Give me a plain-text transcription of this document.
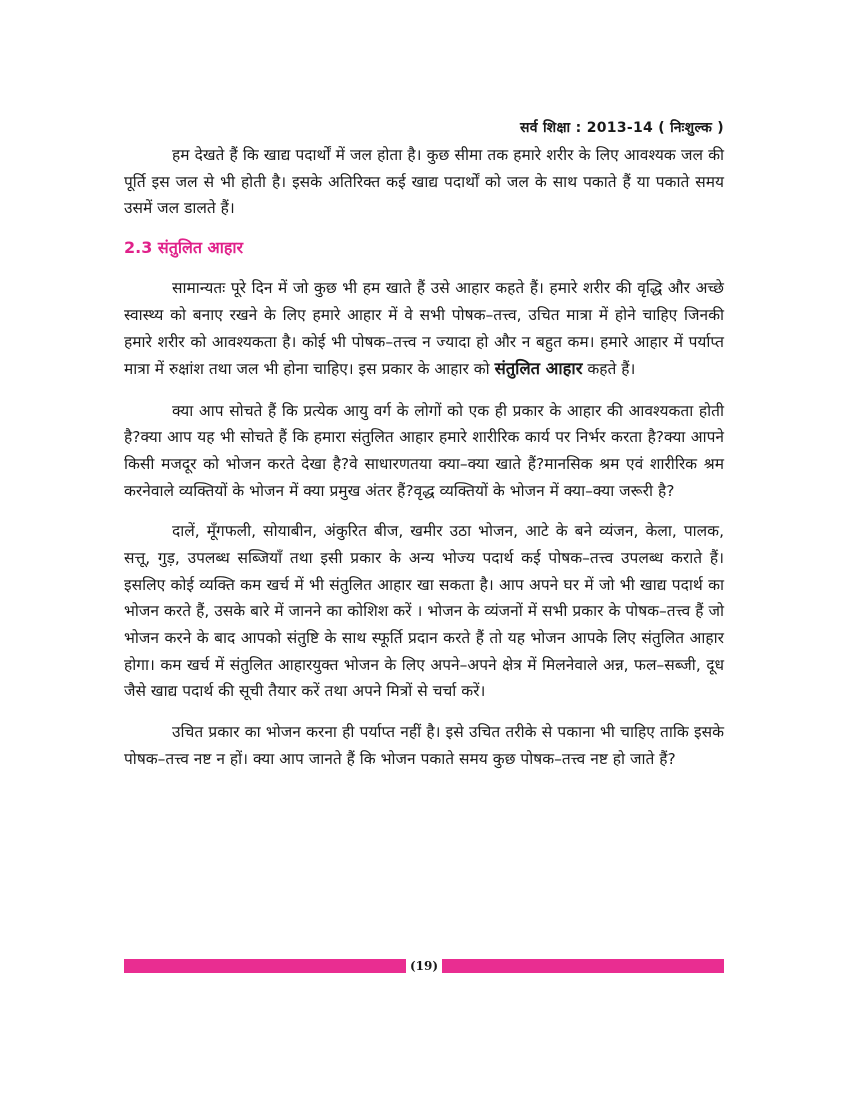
सर्व शिक्षा : 2013-14 ( निःशुल्क )

हम देखते हैं कि खाद्य पदार्थों में जल होता है। कुछ सीमा तक हमारे शरीर के लिए आवश्यक जल की पूर्ति इस जल से भी होती है। इसके अतिरिक्त कई खाद्य पदार्थों को जल के साथ पकाते हैं या पकाते समय उसमें जल डालते हैं।

2.3 संतुलित आहार

सामान्यतः पूरे दिन में जो कुछ भी हम खाते हैं उसे आहार कहते हैं। हमारे शरीर की वृद्धि और अच्छे स्वास्थ्य को बनाए रखने के लिए हमारे आहार में वे सभी पोषक–तत्त्व, उचित मात्रा में होने चाहिए जिनकी हमारे शरीर को आवश्यकता है। कोई भी पोषक–तत्त्व न ज्यादा हो और न बहुत कम। हमारे आहार में पर्याप्त मात्रा में रुक्षांश तथा जल भी होना चाहिए। इस प्रकार के आहार को संतुलित आहार कहते हैं।

क्या आप सोचते हैं कि प्रत्येक आयु वर्ग के लोगों को एक ही प्रकार के आहार की आवश्यकता होती है?क्या आप यह भी सोचते हैं कि हमारा संतुलित आहार हमारे शारीरिक कार्य पर निर्भर करता है?क्या आपने किसी मजदूर को भोजन करते देखा है?वे साधारणतया क्या–क्या खाते हैं?मानसिक श्रम एवं शारीरिक श्रम करनेवाले व्यक्तियों के भोजन में क्या प्रमुख अंतर हैं?वृद्ध व्यक्तियों के भोजन में क्या–क्या जरूरी है?

दालें, मूँगफली, सोयाबीन, अंकुरित बीज, खमीर उठा भोजन, आटे के बने व्यंजन, केला, पालक, सत्तू, गुड़, उपलब्ध सब्जियाँ तथा इसी प्रकार के अन्य भोज्य पदार्थ कई पोषक–तत्त्व उपलब्ध कराते हैं। इसलिए कोई व्यक्ति कम खर्च में भी संतुलित आहार खा सकता है। आप अपने घर में जो भी खाद्य पदार्थ का भोजन करते हैं, उसके बारे में जानने का कोशिश करें । भोजन के व्यंजनों में सभी प्रकार के पोषक–तत्त्व हैं जो भोजन करने के बाद आपको संतुष्टि के साथ स्फूर्ति प्रदान करते हैं तो यह भोजन आपके लिए संतुलित आहार होगा। कम खर्च में संतुलित आहारयुक्त भोजन के लिए अपने–अपने क्षेत्र में मिलनेवाले अन्न, फल–सब्जी, दूध जैसे खाद्य पदार्थ की सूची तैयार करें तथा अपने मित्रों से चर्चा करें।

उचित प्रकार का भोजन करना ही पर्याप्त नहीं है। इसे उचित तरीके से पकाना भी चाहिए ताकि इसके पोषक–तत्त्व नष्ट न हों। क्या आप जानते हैं कि भोजन पकाते समय कुछ पोषक–तत्त्व नष्ट हो जाते हैं?

(19)
